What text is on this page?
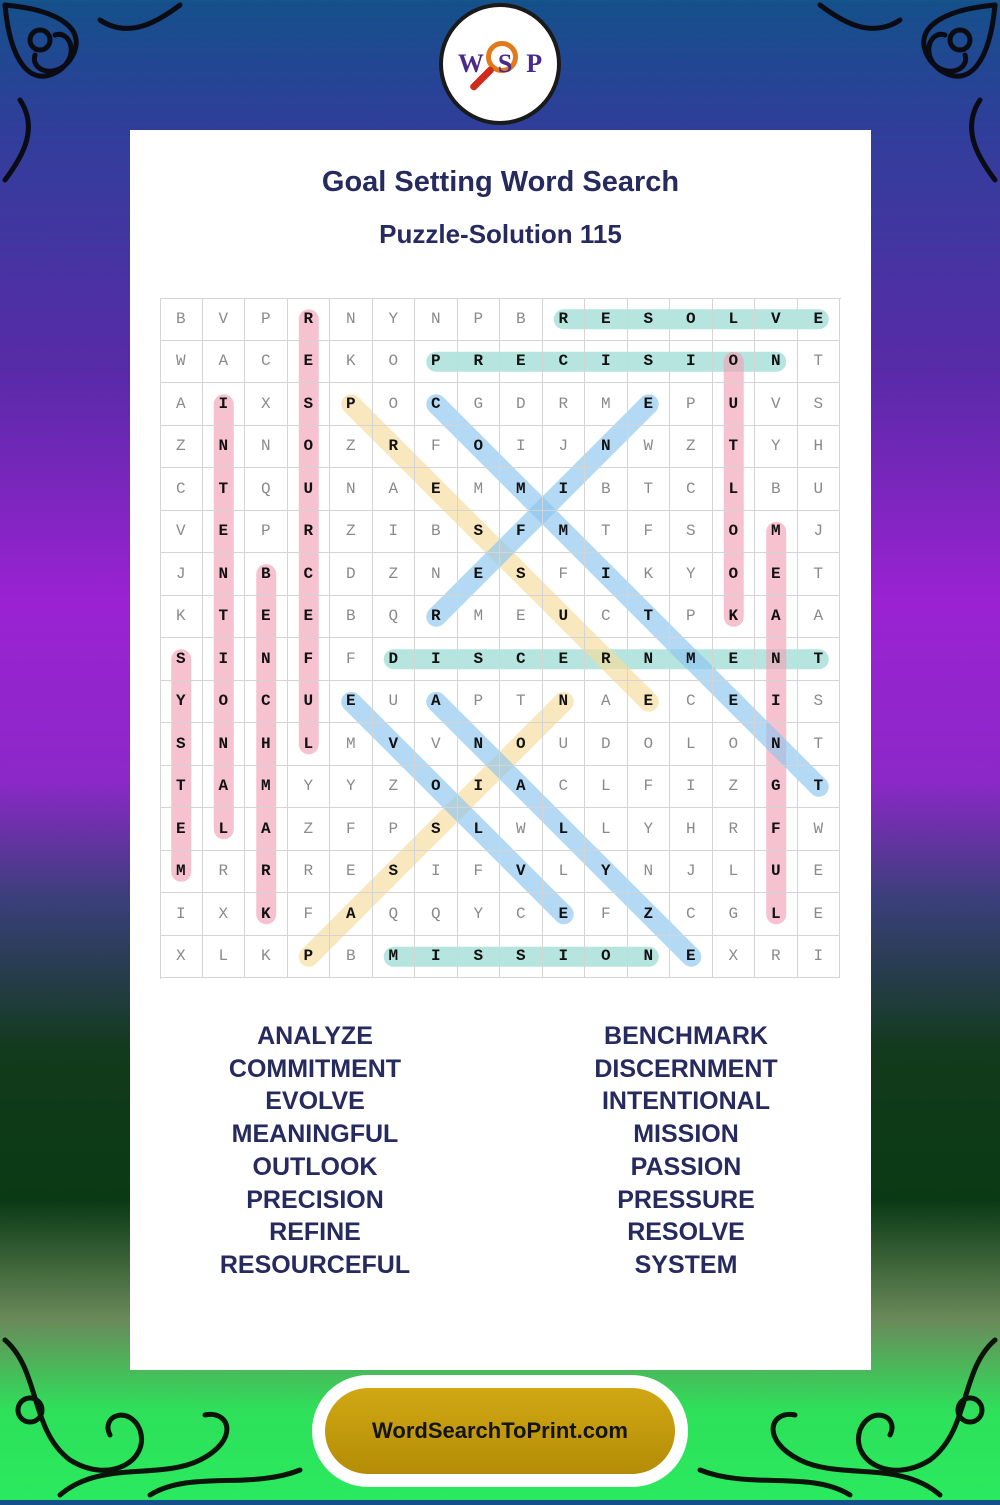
WSP
Goal Setting Word Search
Puzzle-Solution 115
B	V	P	R	N	Y	N	P	B	R	E	S	O	L	V	E
W	A	C	E	K	O	P	R	E	C	I	S	I	O	N	T
A	I	X	S	P	O	C	G	D	R	M	E	P	U	V	S
Z	N	N	O	Z	R	F	O	I	J	N	W	Z	T	Y	H
C	T	Q	U	N	A	E	M	M	I	B	T	C	L	B	U
V	E	P	R	Z	I	B	S	F	M	T	F	S	O	M	J
J	N	B	C	D	Z	N	E	S	F	I	K	Y	O	E	T
K	T	E	E	B	Q	R	M	E	U	C	T	P	K	A	A
S	I	N	F	F	D	I	S	C	E	R	N	M	E	N	T
Y	O	C	U	E	U	A	P	T	N	A	E	C	E	I	S
S	N	H	L	M	V	V	N	O	U	D	O	L	O	N	T
T	A	M	Y	Y	Z	O	I	A	C	L	F	I	Z	G	T
E	L	A	Z	F	P	S	L	W	L	L	Y	H	R	F	W
M	R	R	R	E	S	I	F	V	L	Y	N	J	L	U	E
I	X	K	F	A	Q	Q	Y	C	E	F	Z	C	G	L	E
X	L	K	P	B	M	I	S	S	I	O	N	E	X	R	I
ANALYZE
COMMITMENT
EVOLVE
MEANINGFUL
OUTLOOK
PRECISION
REFINE
RESOURCEFUL
BENCHMARK
DISCERNMENT
INTENTIONAL
MISSION
PASSION
PRESSURE
RESOLVE
SYSTEM
WordSearchToPrint.com
